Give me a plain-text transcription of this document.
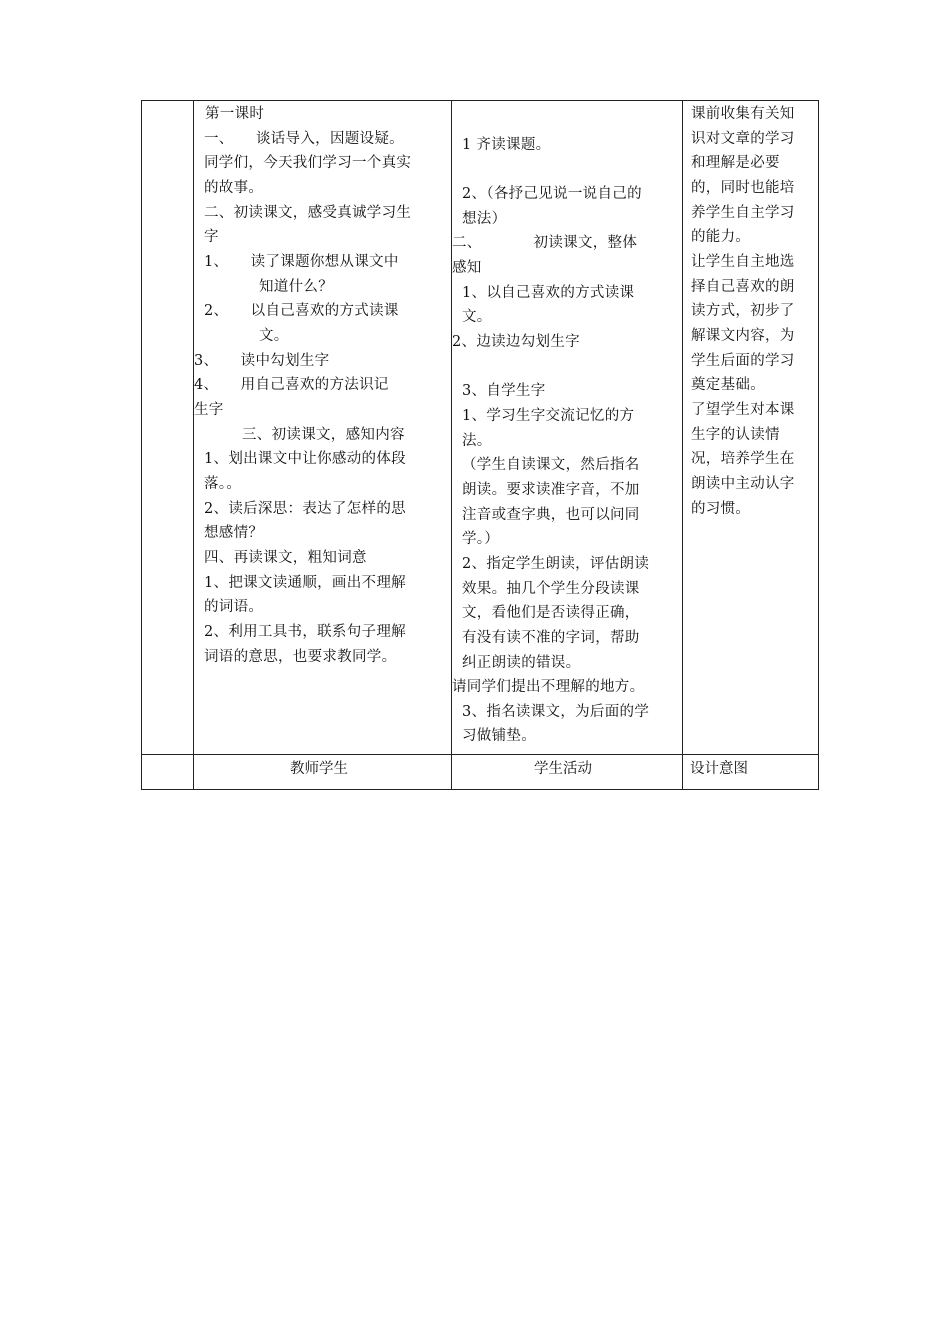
第一课时
一、　　谈话导入，因题设疑。
同学们，今天我们学习一个真实
的故事。
二、初读课文，感受真诚学习生
字
1、　　读了课题你想从课文中
知道什么？
2、　　以自己喜欢的方式读课
文。
3、　　读中勾划生字
4、　　用自己喜欢的方法识记
生字
三、初读课文，感知内容
1、划出课文中让你感动的体段
落。。
2、读后深思：表达了怎样的思
想感情？
四、再读课文，粗知词意
1、把课文读通顺，画出不理解
的词语。
2、利用工具书，联系句子理解
词语的意思，也要求教同学。
1 齐读课题。
2、（各抒己见说一说自己的
想法）
二、　　　　初读课文，整体
感知
1、以自己喜欢的方式读课
文。
2、边读边勾划生字
3、自学生字
1、学习生字交流记忆的方
法。
（学生自读课文，然后指名
朗读。要求读准字音，不加
注音或查字典，也可以问同
学。）
2、指定学生朗读，评估朗读
效果。抽几个学生分段读课
文，看他们是否读得正确，
有没有读不准的字词，帮助
纠正朗读的错误。
请同学们提出不理解的地方。
3、指名读课文，为后面的学
习做铺垫。
课前收集有关知
识对文章的学习
和理解是必要
的，同时也能培
养学生自主学习
的能力。
让学生自主地选
择自己喜欢的朗
读方式，初步了
解课文内容，为
学生后面的学习
奠定基础。
了望学生对本课
生字的认读情
况，培养学生在
朗读中主动认字
的习惯。
教师学生	学生活动	设计意图
